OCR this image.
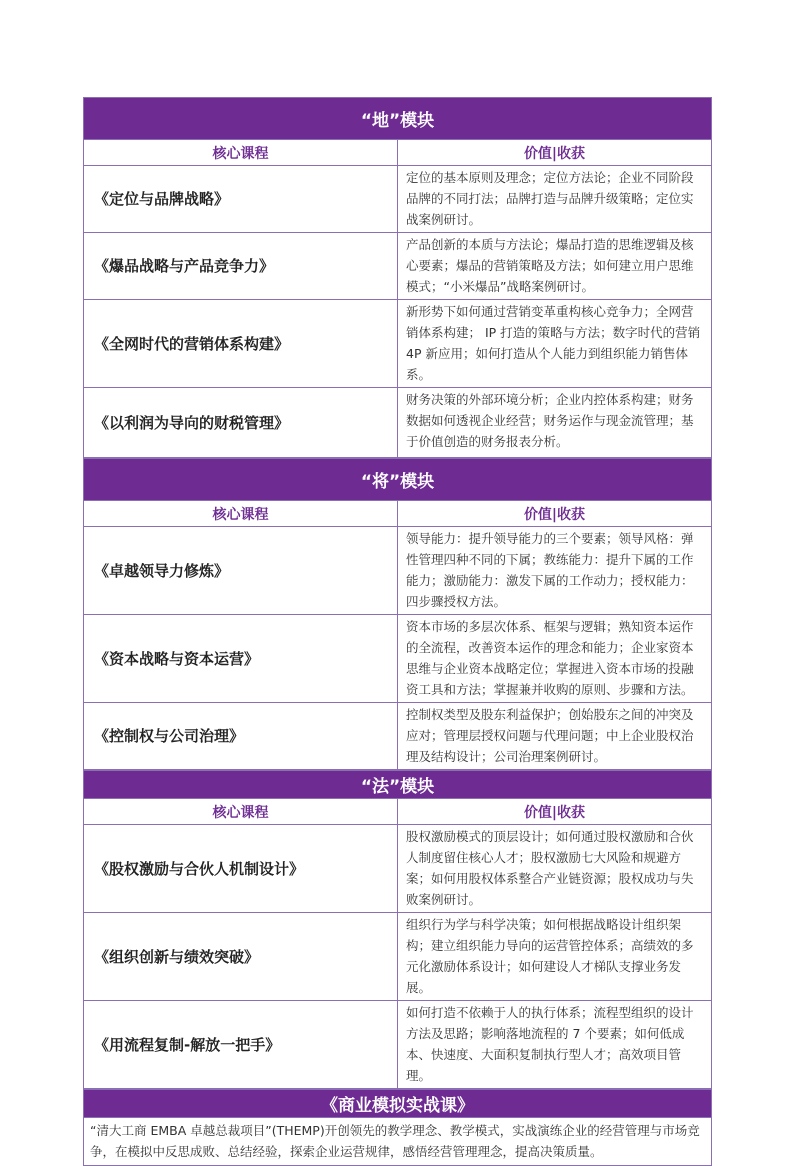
“地”模块	
核心课程	价值|收获
《定位与品牌战略》	定位的基本原则及理念；定位方法论；企业不同阶段品牌的不同打法；品牌打造与品牌升级策略；定位实战案例研讨。
《爆品战略与产品竞争力》	产品创新的本质与方法论；爆品打造的思维逻辑及核心要素；爆品的营销策略及方法；如何建立用户思维模式；“小米爆品”战略案例研讨。
《全网时代的营销体系构建》	新形势下如何通过营销变革重构核心竞争力；全网营销体系构建； IP 打造的策略与方法；数字时代的营销 4P 新应用；如何打造从个人能力到组织能力销售体系。
《以利润为导向的财税管理》	财务决策的外部环境分析；企业内控体系构建；财务数据如何透视企业经营；财务运作与现金流管理；基于价值创造的财务报表分析。
“将”模块	
核心课程	价值|收获
《卓越领导力修炼》	领导能力：提升领导能力的三个要素；领导风格：弹性管理四种不同的下属；教练能力：提升下属的工作能力；激励能力：激发下属的工作动力；授权能力：四步骤授权方法。
《资本战略与资本运营》	资本市场的多层次体系、框架与逻辑；熟知资本运作的全流程，改善资本运作的理念和能力；企业家资本思维与企业资本战略定位；掌握进入资本市场的投融资工具和方法；掌握兼并收购的原则、步骤和方法。
《控制权与公司治理》	控制权类型及股东利益保护；创始股东之间的冲突及应对；管理层授权问题与代理问题；中上企业股权治理及结构设计；公司治理案例研讨。
“法”模块	
核心课程	价值|收获
《股权激励与合伙人机制设计》	股权激励模式的顶层设计；如何通过股权激励和合伙人制度留住核心人才；股权激励七大风险和规避方案；如何用股权体系整合产业链资源；股权成功与失败案例研讨。
《组织创新与绩效突破》	组织行为学与科学决策；如何根据战略设计组织架构；建立组织能力导向的运营管控体系；高绩效的多元化激励体系设计；如何建设人才梯队支撑业务发展。
《用流程复制-解放一把手》	如何打造不依赖于人的执行体系；流程型组织的设计方法及思路；影响落地流程的 7 个要素；如何低成本、快速度、大面积复制执行型人才；高效项目管理。
《商业模拟实战课》
“清大工商 EMBA 卓越总裁项目”(THEMP)开创领先的教学理念、教学模式，实战演练企业的经营管理与市场竞争，在模拟中反思成败、总结经验，探索企业运营规律，感悟经营管理理念，提高决策质量。
